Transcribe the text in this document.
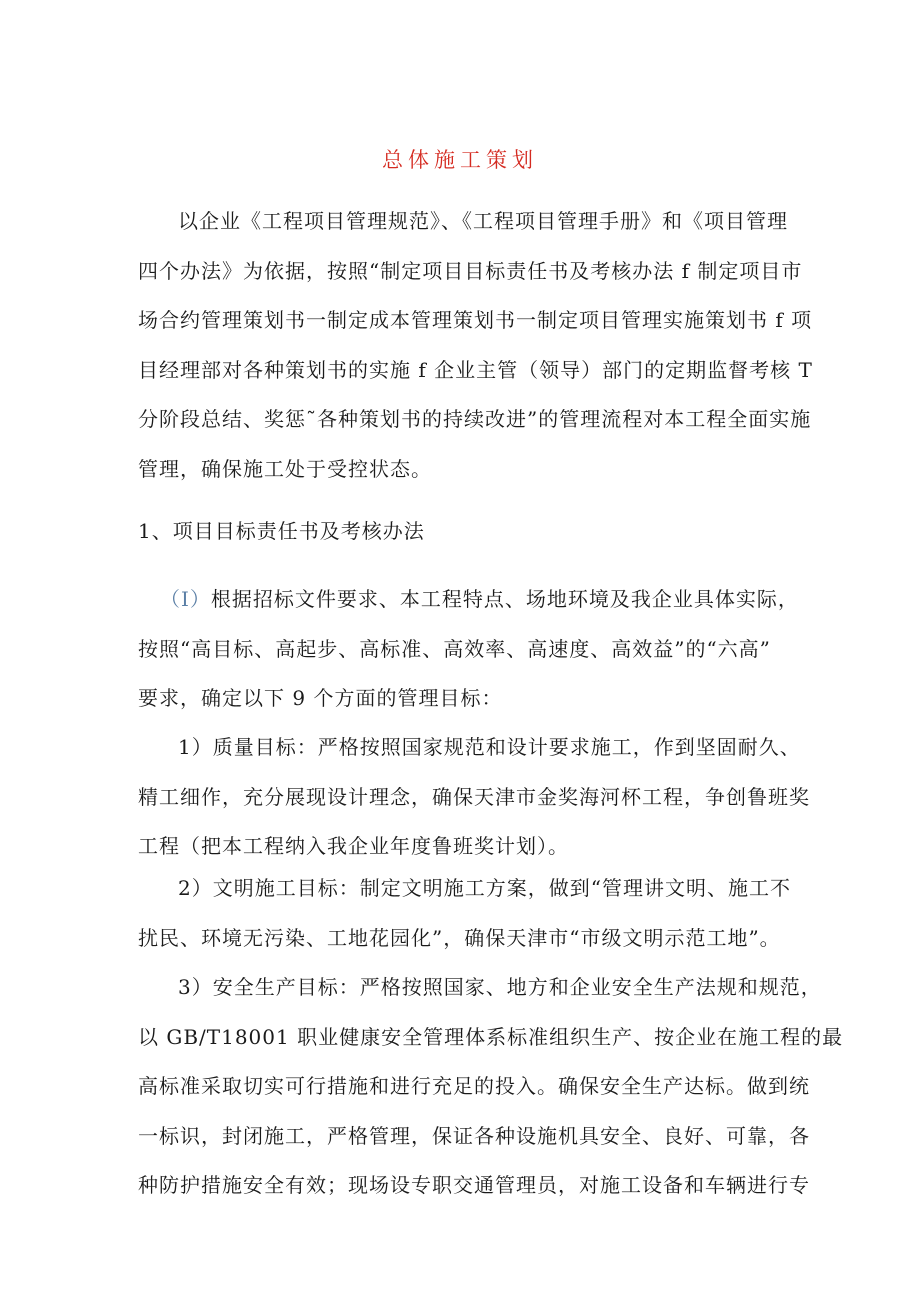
总体施工策划
以企业《工程项目管理规范》、《工程项目管理手册》和《项目管理
四个办法》为依据，按照“制定项目目标责任书及考核办法 f 制定项目市
场合约管理策划书一制定成本管理策划书一制定项目管理实施策划书 f 项
目经理部对各种策划书的实施 f 企业主管（领导）部门的定期监督考核 T
分阶段总结、奖惩˜各种策划书的持续改进”的管理流程对本工程全面实施
管理，确保施工处于受控状态。
1、项目目标责任书及考核办法
（I）根据招标文件要求、本工程特点、场地环境及我企业具体实际，
按照“高目标、高起步、高标准、高效率、高速度、高效益”的“六高”
要求，确定以下 9 个方面的管理目标：
1）质量目标：严格按照国家规范和设计要求施工，作到坚固耐久、
精工细作，充分展现设计理念，确保天津市金奖海河杯工程，争创鲁班奖
工程（把本工程纳入我企业年度鲁班奖计划）。
2）文明施工目标：制定文明施工方案，做到“管理讲文明、施工不
扰民、环境无污染、工地花园化”，确保天津市“市级文明示范工地”。
3）安全生产目标：严格按照国家、地方和企业安全生产法规和规范，
以 GB/T18001 职业健康安全管理体系标准组织生产、按企业在施工程的最
高标准采取切实可行措施和进行充足的投入。确保安全生产达标。做到统
一标识，封闭施工，严格管理，保证各种设施机具安全、良好、可靠，各
种防护措施安全有效；现场设专职交通管理员，对施工设备和车辆进行专
